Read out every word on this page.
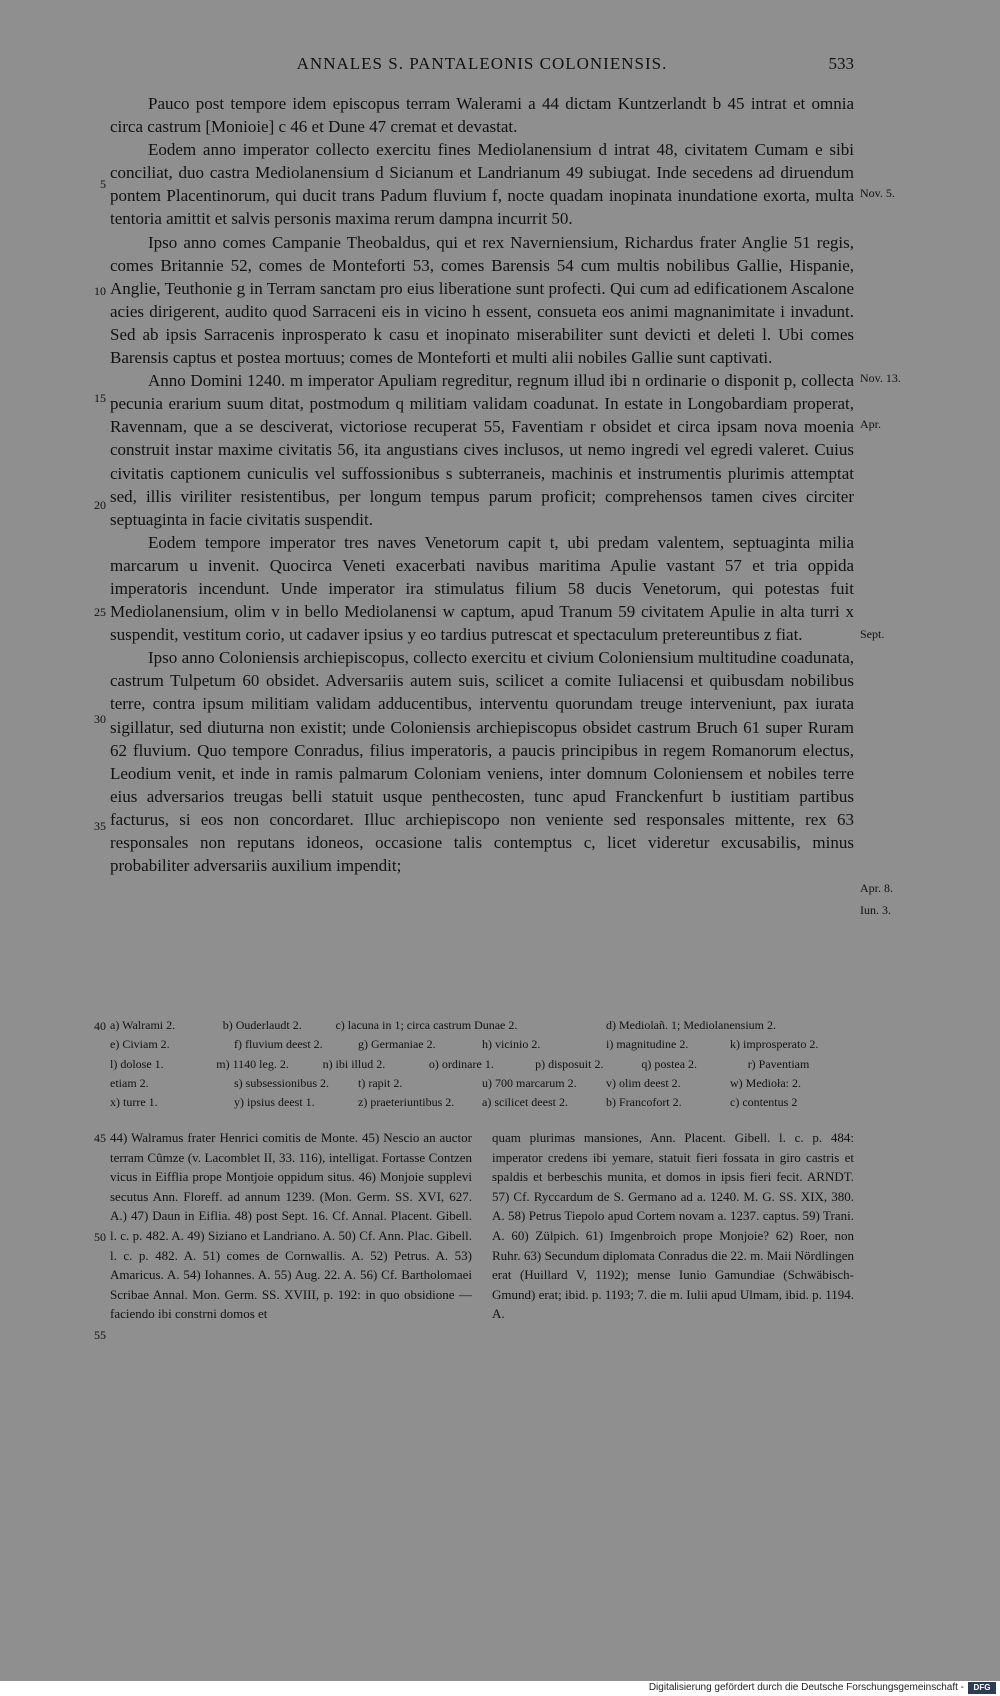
ANNALES S. PANTALEONIS COLONIENSIS.	533
5
10
15
20
25
30
35
40
45
50
55
Nov. 5.
Nov. 13.
Apr.
Sept.
Apr. 8.
Iun. 3.

Pauco post tempore idem episcopus terram Walerami a 44 dictam Kuntzerlandt b 45 intrat et omnia circa castrum [Monioie] c 46 et Dune 47 cremat et devastat.

Eodem anno imperator collecto exercitu fines Mediolanensium d intrat 48, civitatem Cumam e sibi conciliat, duo castra Mediolanensium d Sicianum et Landrianum 49 subiugat. Inde secedens ad diruendum pontem Placentinorum, qui ducit trans Padum fluvium f, nocte quadam inopinata inundatione exorta, multa tentoria amittit et salvis personis maxima rerum dampna incurrit 50.

Ipso anno comes Campanie Theobaldus, qui et rex Naverniensium, Richardus frater Anglie 51 regis, comes Britannie 52, comes de Monteforti 53, comes Barensis 54 cum multis nobilibus Gallie, Hispanie, Anglie, Teuthonie g in Terram sanctam pro eius liberatione sunt profecti. Qui cum ad edificationem Ascalone acies dirigerent, audito quod Sarraceni eis in vicino h essent, consueta eos animi magnanimitate i invadunt. Sed ab ipsis Sarracenis inprosperato k casu et inopinato miserabiliter sunt devicti et deleti l. Ubi comes Barensis captus et postea mortuus; comes de Monteforti et multi alii nobiles Gallie sunt captivati.

Anno Domini 1240. m imperator Apuliam regreditur, regnum illud ibi n ordinarie o disponit p, collecta pecunia erarium suum ditat, postmodum q militiam validam coadunat. In estate in Longobardiam properat, Ravennam, que a se desciverat, victoriose recuperat 55, Faventiam r obsidet et circa ipsam nova moenia construit instar maxime civitatis 56, ita angustians cives inclusos, ut nemo ingredi vel egredi valeret. Cuius civitatis captionem cuniculis vel suffossionibus s subterraneis, machinis et instrumentis plurimis attemptat sed, illis viriliter resistentibus, per longum tempus parum proficit; comprehensos tamen cives circiter septuaginta in facie civitatis suspendit.

Eodem tempore imperator tres naves Venetorum capit t, ubi predam valentem, septuaginta milia marcarum u invenit. Quocirca Veneti exacerbati navibus maritima Apulie vastant 57 et tria oppida imperatoris incendunt. Unde imperator ira stimulatus filium 58 ducis Venetorum, qui potestas fuit Mediolanensium, olim v in bello Mediolanensi w captum, apud Tranum 59 civitatem Apulie in alta turri x suspendit, vestitum corio, ut cadaver ipsius y eo tardius putrescat et spectaculum pretereuntibus z fiat.

Ipso anno Coloniensis archiepiscopus, collecto exercitu et civium Coloniensium multitudine coadunata, castrum Tulpetum 60 obsidet. Adversariis autem suis, scilicet a comite Iuliacensi et quibusdam nobilibus terre, contra ipsum militiam validam adducentibus, interventu quorundam treuge interveniunt, pax iurata sigillatur, sed diuturna non existit; unde Coloniensis archiepiscopus obsidet castrum Bruch 61 super Ruram 62 fluvium. Quo tempore Conradus, filius imperatoris, a paucis principibus in regem Romanorum electus, Leodium venit, et inde in ramis palmarum Coloniam veniens, inter domnum Coloniensem et nobiles terre eius adversarios treugas belli statuit usque penthecosten, tunc apud Franckenfurt b iustitiam partibus facturus, si eos non concordaret. Illuc archiepiscopo non veniente sed responsales mittente, rex 63 responsales non reputans idoneos, occasione talis contemptus c, licet videretur excusabilis, minus probabiliter adversariis auxilium impendit;

a) Walrami 2.	b) Ouderlaudt 2.	c) lacuna in 1; circa castrum Dunae 2.	d) Mediolañ. 1; Mediolanensium 2.
e) Civiam 2.	f) fluvium deest 2.	g) Germaniae 2.	h) vicinio 2.	i) magnitudine 2.	k) improsperato 2.
l) dolose 1.	m) 1140 leg. 2.	n) ibi illud 2.	o) ordinare 1.	p) disposuit 2.	q) postea 2.	r) Paventiam
etiam 2.	s) subsessionibus 2.	t) rapit 2.	u) 700 marcarum 2.	v) olim deest 2.	w) Medioła: 2.
x) turre 1.	y) ipsius deest 1.	z) praeteriuntibus 2.	a) scilicet deest 2.	b) Francofort 2.	c) contentus 2

44) Walramus frater Henrici comitis de Monte. 45) Nescio an auctor terram Cûmze (v. Lacomblet II, 33. 116), intelligat. Fortasse Contzen vicus in Eifflia prope Montjoie oppidum situs. 46) Monjoie supplevi secutus Ann. Floreff. ad annum 1239. (Mon. Germ. SS. XVI, 627. A.) 47) Daun in Eiflia. 48) post Sept. 16. Cf. Annal. Placent. Gibell. l. c. p. 482. A. 49) Siziano et Landriano. A. 50) Cf. Ann. Plac. Gibell. l. c. p. 482. A. 51) comes de Cornwallis. A. 52) Petrus. A. 53) Amaricus. A. 54) Iohannes. A. 55) Aug. 22. A. 56) Cf. Bartholomaei Scribae Annal. Mon. Germ. SS. XVIII, p. 192: in quo obsidione — faciendo ibi constrni domos et

quam plurimas mansiones, Ann. Placent. Gibell. l. c. p. 484: imperator credens ibi yemare, statuit fieri fossata in giro castris et spaldis et berbeschis munita, et domos in ipsis fieri fecit. ARNDT. 57) Cf. Ryccardum de S. Germano ad a. 1240. M. G. SS. XIX, 380. A. 58) Petrus Tiepolo apud Cortem novam a. 1237. captus. 59) Trani. A. 60) Zülpich. 61) Imgenbroich prope Monjoie? 62) Roer, non Ruhr. 63) Secundum diplomata Conradus die 22. m. Maii Nördlingen erat (Huillard V, 1192); mense Iunio Gamundiae (Schwäbisch-Gmund) erat; ibid. p. 1193; 7. die m. Iulii apud Ulmam, ibid. p. 1194. A.

Digitalisierung gefördert durch die Deutsche Forschungsgemeinschaft -	DFG
